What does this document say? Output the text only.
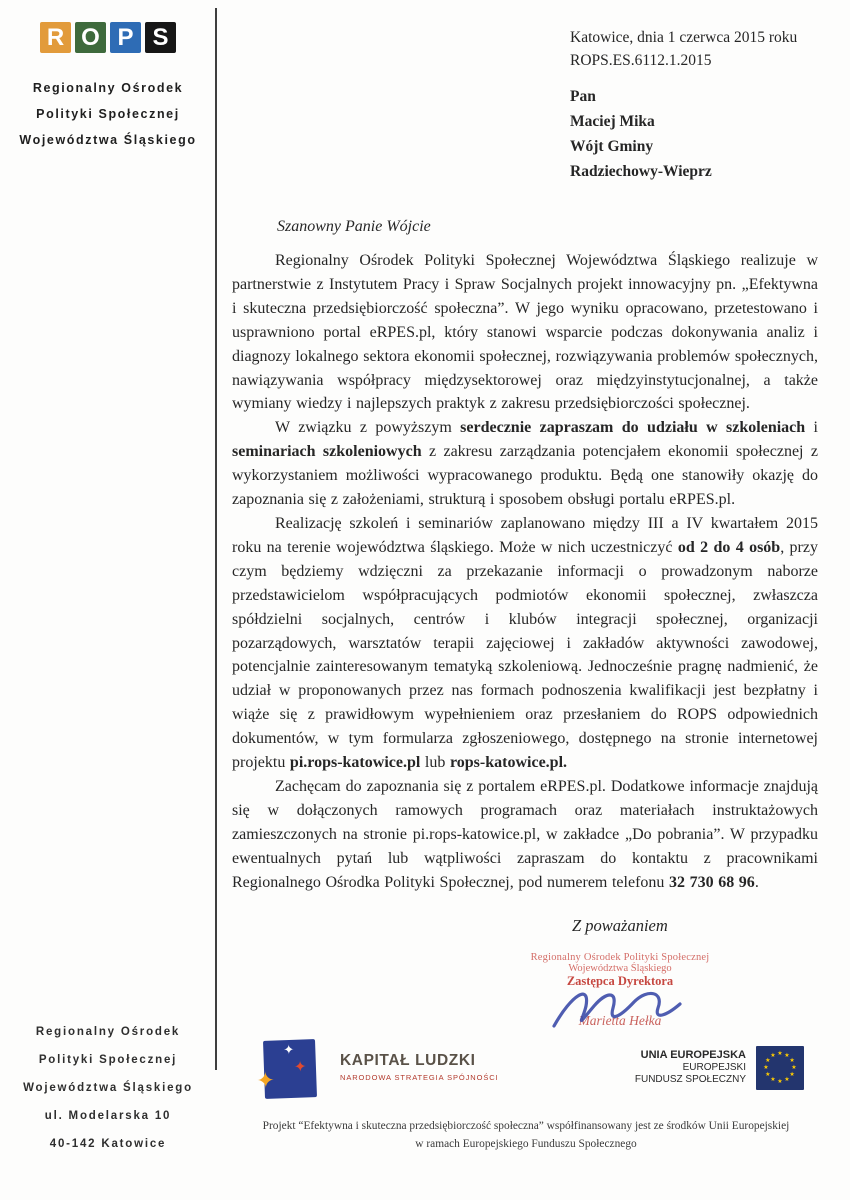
R O P S
Regionalny Ośrodek
Polityki Społecznej
Województwa Śląskiego
Katowice, dnia 1 czerwca 2015 roku
ROPS.ES.6112.1.2015
Pan
Maciej Mika
Wójt Gminy
Radziechowy-Wieprz

Szanowny Panie Wójcie

Regionalny Ośrodek Polityki Społecznej Województwa Śląskiego realizuje w partnerstwie z Instytutem Pracy i Spraw Socjalnych projekt innowacyjny pn. „Efektywna i skuteczna przedsiębiorczość społeczna”. W jego wyniku opracowano, przetestowano i usprawniono portal eRPES.pl, który stanowi wsparcie podczas dokonywania analiz i diagnozy lokalnego sektora ekonomii społecznej, rozwiązywania problemów społecznych, nawiązywania współpracy międzysektorowej oraz międzyinstytucjonalnej, a także wymiany wiedzy i najlepszych praktyk z zakresu przedsiębiorczości społecznej.

W związku z powyższym serdecznie zapraszam do udziału w szkoleniach i seminariach szkoleniowych z zakresu zarządzania potencjałem ekonomii społecznej z wykorzystaniem możliwości wypracowanego produktu. Będą one stanowiły okazję do zapoznania się z założeniami, strukturą i sposobem obsługi portalu eRPES.pl.

Realizację szkoleń i seminariów zaplanowano między III a IV kwartałem 2015 roku na terenie województwa śląskiego. Może w nich uczestniczyć od 2 do 4 osób, przy czym będziemy wdzięczni za przekazanie informacji o prowadzonym naborze przedstawicielom współpracujących podmiotów ekonomii społecznej, zwłaszcza spółdzielni socjalnych, centrów i klubów integracji społecznej, organizacji pozarządowych, warsztatów terapii zajęciowej i zakładów aktywności zawodowej, potencjalnie zainteresowanym tematyką szkoleniową. Jednocześnie pragnę nadmienić, że udział w proponowanych przez nas formach podnoszenia kwalifikacji jest bezpłatny i wiąże się z prawidłowym wypełnieniem oraz przesłaniem do ROPS odpowiednich dokumentów, w tym formularza zgłoszeniowego, dostępnego na stronie internetowej projektu pi.rops-katowice.pl lub rops-katowice.pl.

Zachęcam do zapoznania się z portalem eRPES.pl. Dodatkowe informacje znajdują się w dołączonych ramowych programach oraz materiałach instruktażowych zamieszczonych na stronie pi.rops-katowice.pl, w zakładce „Do pobrania”. W przypadku ewentualnych pytań lub wątpliwości zapraszam do kontaktu z pracownikami Regionalnego Ośrodka Polityki Społecznej, pod numerem telefonu 32 730 68 96.

Z poważaniem
Regionalny Ośrodek Polityki Społecznej
Województwa Śląskiego
Zastępca Dyrektora
Marietta Hełka
Regionalny Ośrodek
Polityki Społecznej
Województwa Śląskiego
ul. Modelarska 10
40-142 Katowice
✦
✦
✦
KAPITAŁ LUDZKI
NARODOWA STRATEGIA SPÓJNOŚCI
UNIA EUROPEJSKA
EUROPEJSKI
FUNDUSZ SPOŁECZNY
★ ★
★
★
★
★
★
★
★
★
★
★
Projekt “Efektywna i skuteczna przedsiębiorczość społeczna” współfinansowany jest ze środków Unii Europejskiej
w ramach Europejskiego Funduszu Społecznego
